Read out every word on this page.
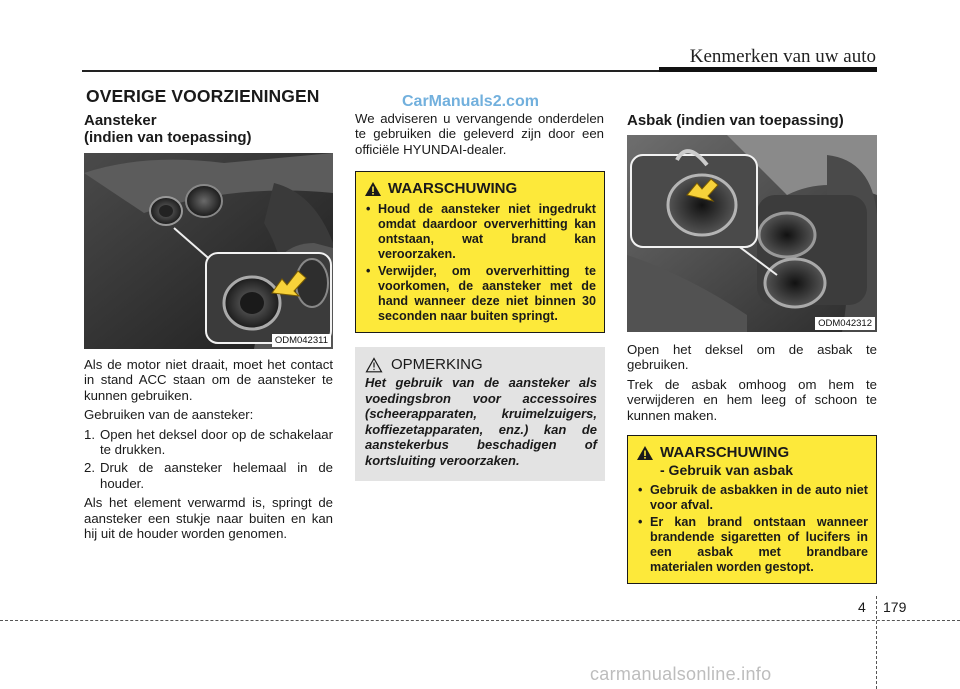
Kenmerken van uw auto
OVERIGE VOORZIENINGEN	CarManuals2.com
Aansteker
(indien van toepassing)
ODM042311

Als de motor niet draait, moet het contact in stand ACC staan om de aansteker te kunnen gebruiken.

Gebruiken van de aansteker:

1. Open het deksel door op de schakelaar te drukken.
2. Druk de aansteker helemaal in de houder.

Als het element verwarmd is, springt de aansteker een stukje naar buiten en kan hij uit de houder worden genomen.

We adviseren u vervangende onderdelen te gebruiken die geleverd zijn door een officiële HYUNDAI-dealer.

WAARSCHUWING
• Houd de aansteker niet ingedrukt omdat daardoor oververhitting kan ontstaan, wat brand kan veroorzaken.
• Verwijder, om oververhitting te voorkomen, de aansteker met de hand wanneer deze niet binnen 30 seconden naar buiten springt.
OPMERKING

Het gebruik van de aansteker als voedingsbron voor accessoires (scheerapparaten, kruimelzuigers, koffiezetapparaten, enz.) kan de aanstekerbus beschadigen of kortsluiting veroorzaken.

Asbak (indien van toepassing)
ODM042312

Open het deksel om de asbak te gebruiken.

Trek de asbak omhoog om hem te verwijderen en hem leeg of schoon te kunnen maken.

WAARSCHUWING
- Gebruik van asbak
• Gebruik de asbakken in de auto niet voor afval.
• Er kan brand ontstaan wanneer brandende sigaretten of lucifers in een asbak met brandbare materialen worden gestopt.
4 179
carmanualsonline.info
